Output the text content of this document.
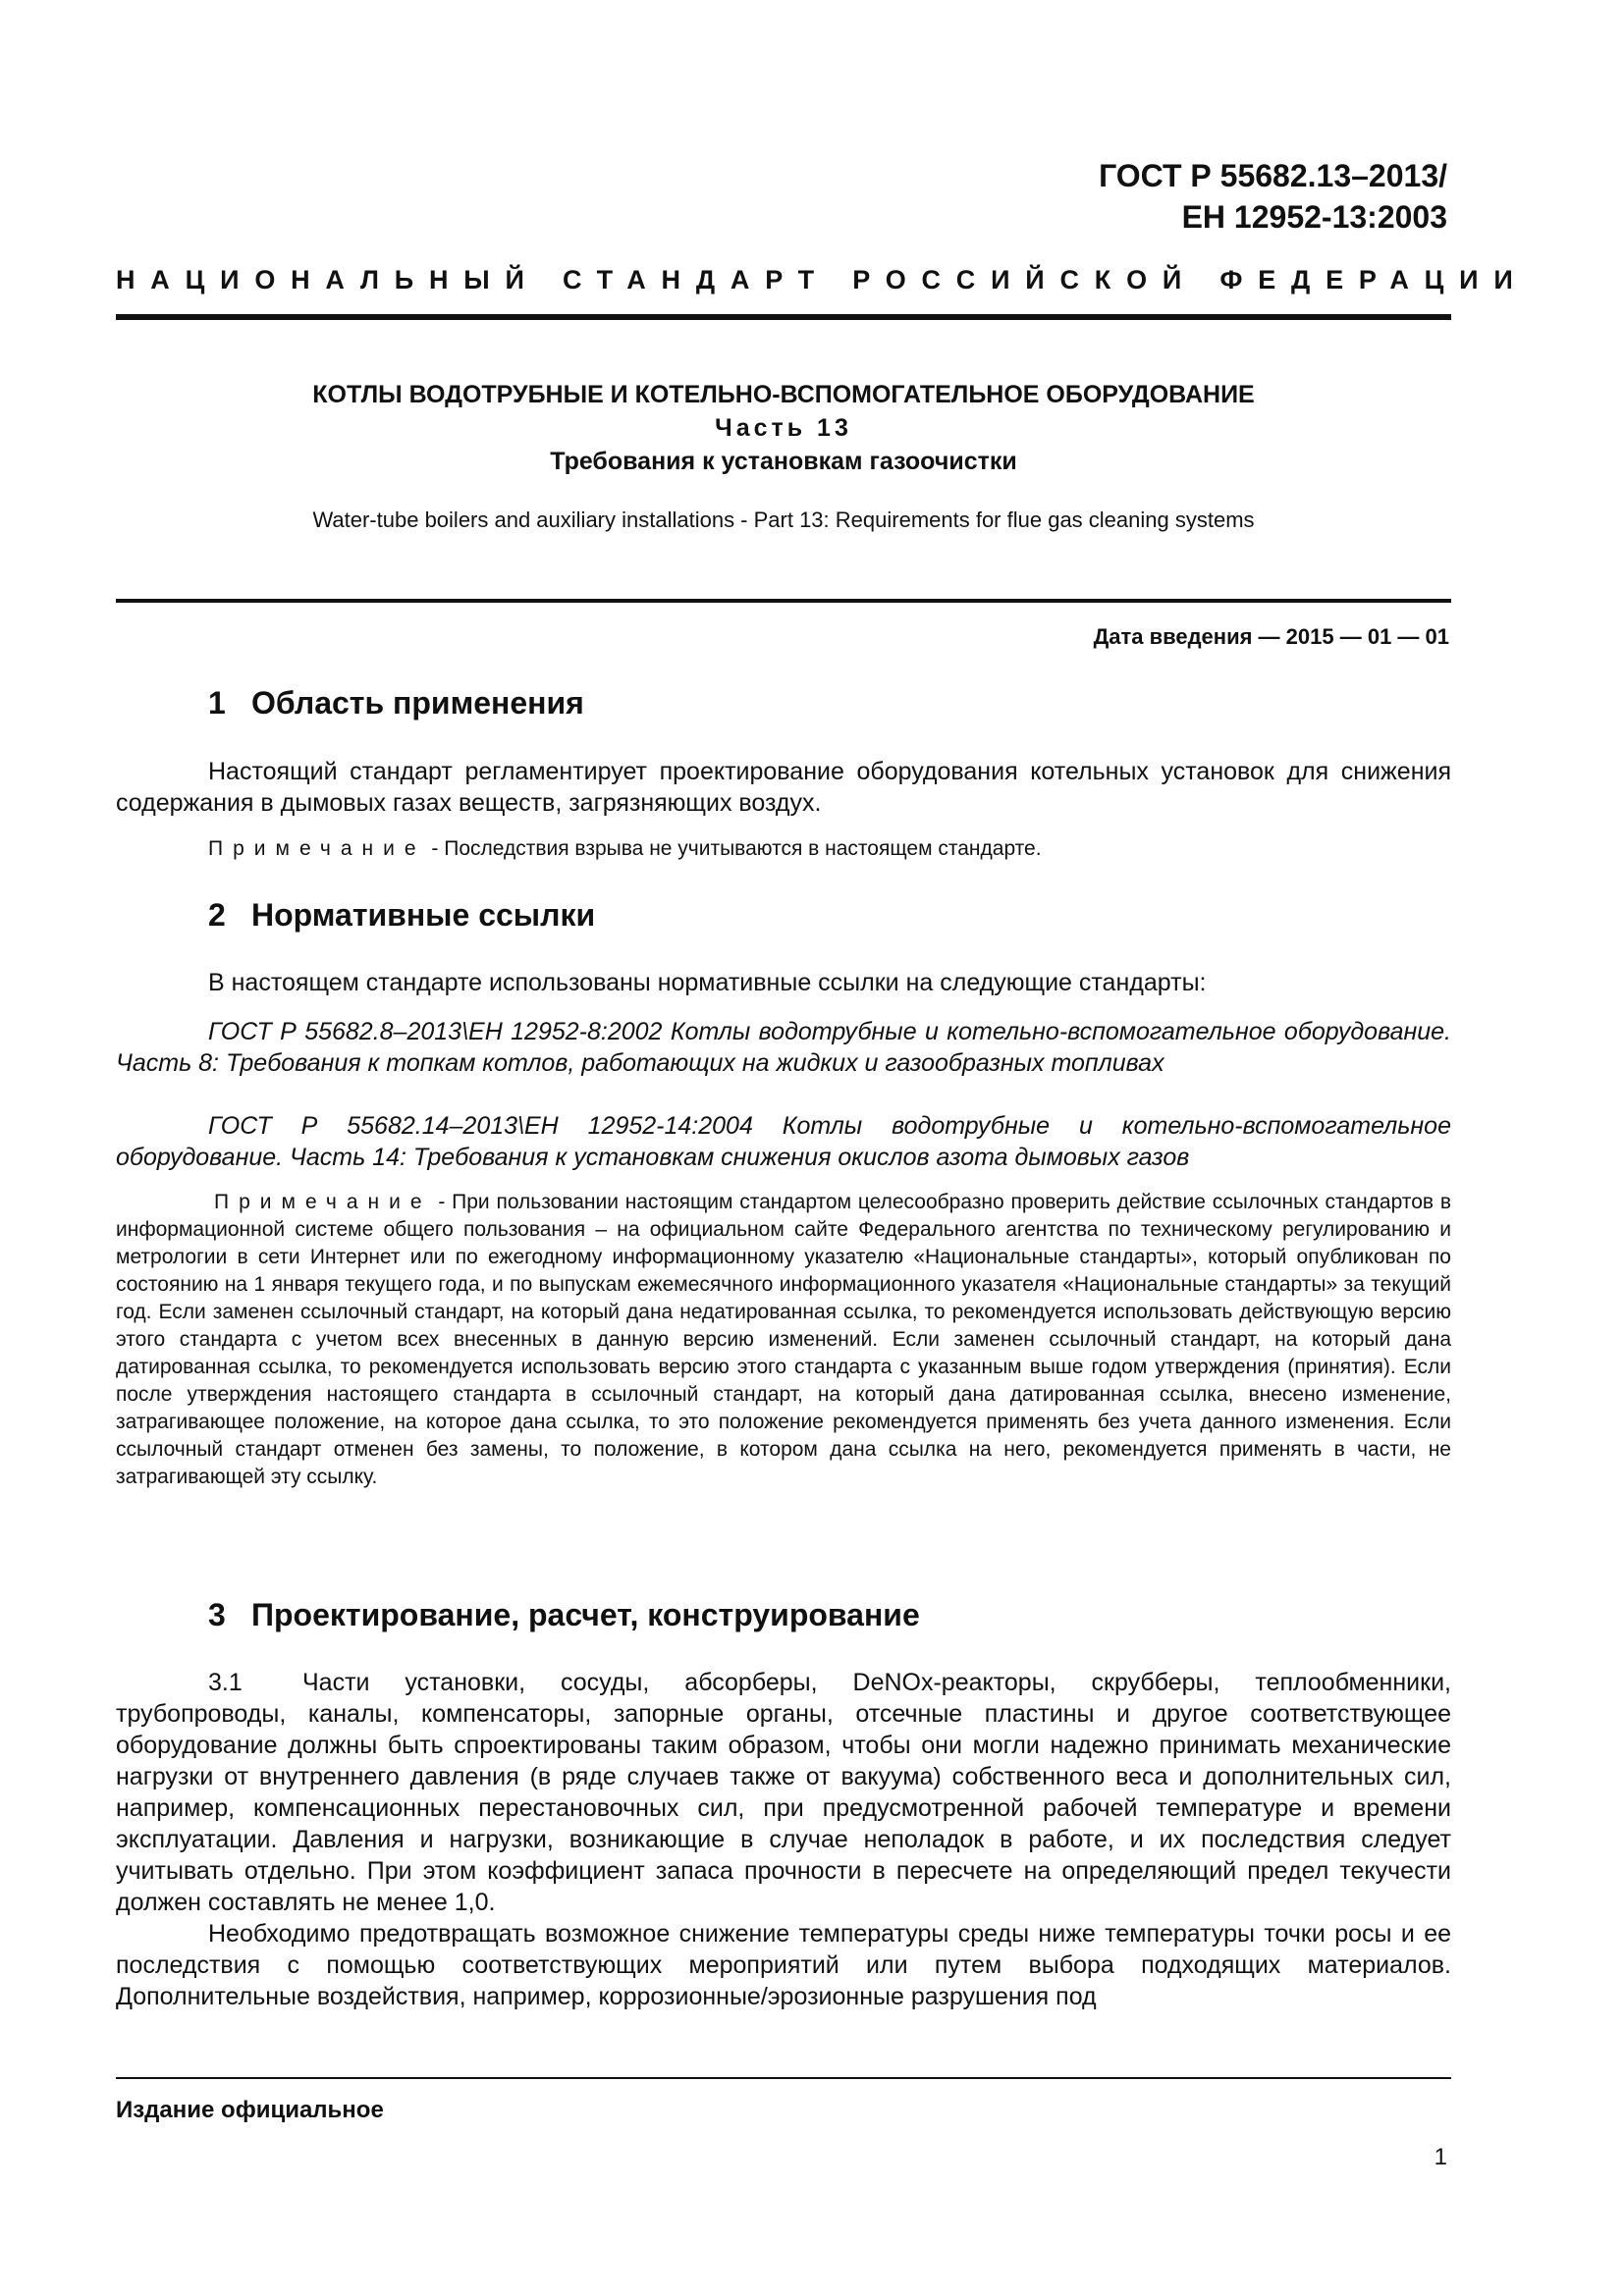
ГОСТ Р 55682.13–2013/
ЕН 12952-13:2003
НАЦИОНАЛЬНЫЙ СТАНДАРТ РОССИЙСКОЙ ФЕДЕРАЦИИ
КОТЛЫ ВОДОТРУБНЫЕ И КОТЕЛЬНО-ВСПОМОГАТЕЛЬНОЕ ОБОРУДОВАНИЕ
Часть 13
Требования к установкам газоочистки
Water-tube boilers and auxiliary installations - Part 13: Requirements for flue gas cleaning systems
Дата введения — 2015 — 01 — 01
1 Область применения

Настоящий стандарт регламентирует проектирование оборудования котельных установок для снижения содержания в дымовых газах веществ, загрязняющих воздух.

Примечание - Последствия взрыва не учитываются в настоящем стандарте.

2 Нормативные ссылки

В настоящем стандарте использованы нормативные ссылки на следующие стандарты:

ГОСТ Р 55682.8–2013\ЕН 12952-8:2002 Котлы водотрубные и котельно-вспомогательное оборудование. Часть 8: Требования к топкам котлов, работающих на жидких и газообразных топливах

ГОСТ Р 55682.14–2013\ЕН 12952-14:2004 Котлы водотрубные и котельно-вспомогательное оборудование. Часть 14: Требования к установкам снижения окислов азота дымовых газов

Примечание - При пользовании настоящим стандартом целесообразно проверить действие ссылочных стандартов в информационной системе общего пользования – на официальном сайте Федерального агентства по техническому регулированию и метрологии в сети Интернет или по ежегодному информационному указателю «Национальные стандарты», который опубликован по состоянию на 1 января текущего года, и по выпускам ежемесячного информационного указателя «Национальные стандарты» за текущий год. Если заменен ссылочный стандарт, на который дана недатированная ссылка, то рекомендуется использовать действующую версию этого стандарта с учетом всех внесенных в данную версию изменений. Если заменен ссылочный стандарт, на который дана датированная ссылка, то рекомендуется использовать версию этого стандарта с указанным выше годом утверждения (принятия). Если после утверждения настоящего стандарта в ссылочный стандарт, на который дана датированная ссылка, внесено изменение, затрагивающее положение, на которое дана ссылка, то это положение рекомендуется применять без учета данного изменения. Если ссылочный стандарт отменен без замены, то положение, в котором дана ссылка на него, рекомендуется применять в части, не затрагивающей эту ссылку.

3 Проектирование, расчет, конструирование

3.1 Части установки, сосуды, абсорберы, DeNOx-реакторы, скрубберы, теплообменники, трубопроводы, каналы, компенсаторы, запорные органы, отсечные пластины и другое соответствующее оборудование должны быть спроектированы таким образом, чтобы они могли надежно принимать механические нагрузки от внутреннего давления (в ряде случаев также от вакуума) собственного веса и дополнительных сил, например, компенсационных перестановочных сил, при предусмотренной рабочей температуре и времени эксплуатации. Давления и нагрузки, возникающие в случае неполадок в работе, и их последствия следует учитывать отдельно. При этом коэффициент запаса прочности в пересчете на определяющий предел текучести должен составлять не менее 1,0.

Необходимо предотвращать возможное снижение температуры среды ниже температуры точки росы и ее последствия с помощью соответствующих мероприятий или путем выбора подходящих материалов. Дополнительные воздействия, например, коррозионные/эрозионные разрушения под

Издание официальное
1
